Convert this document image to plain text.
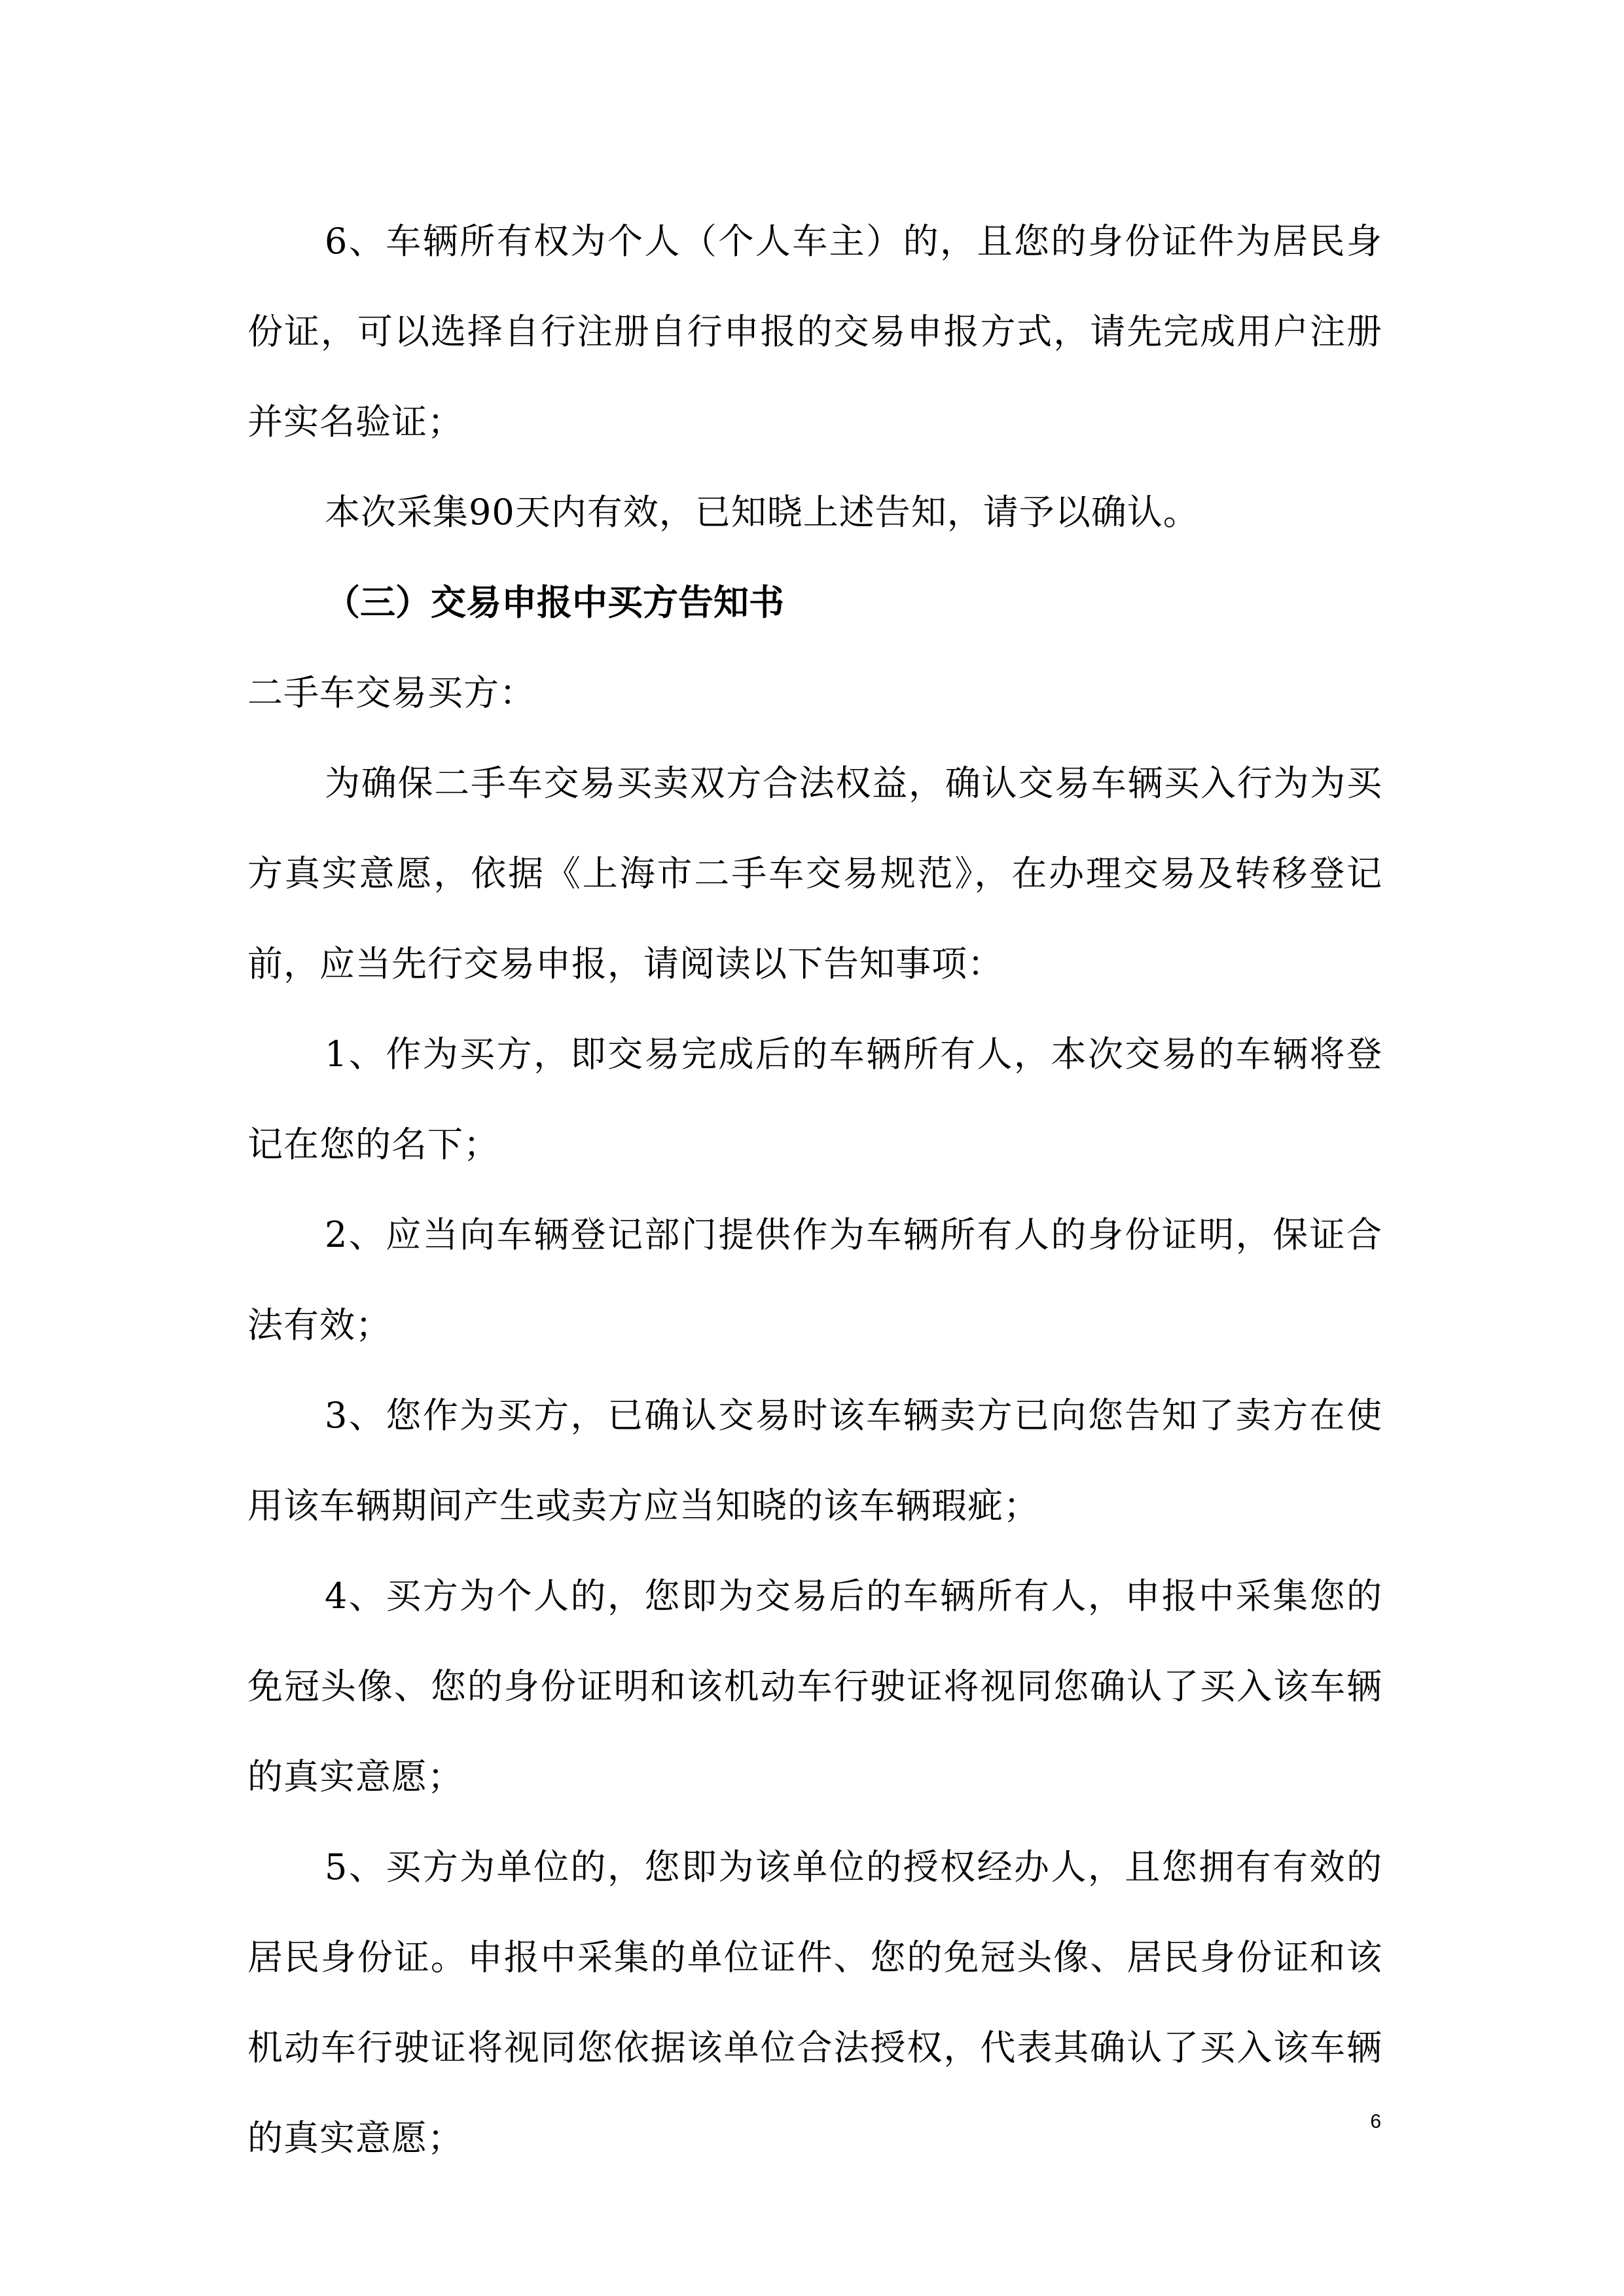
6、车辆所有权为个人（个人车主）的，且您的身份证件为居民身份证，可以选择自行注册自行申报的交易申报方式，请先完成用户注册并实名验证；

本次采集90天内有效，已知晓上述告知，请予以确认。

（三）交易申报中买方告知书

二手车交易买方：

为确保二手车交易买卖双方合法权益，确认交易车辆买入行为为买方真实意愿，依据《上海市二手车交易规范》，在办理交易及转移登记前，应当先行交易申报，请阅读以下告知事项：

1、作为买方，即交易完成后的车辆所有人，本次交易的车辆将登记在您的名下；

2、应当向车辆登记部门提供作为车辆所有人的身份证明，保证合法有效；

3、您作为买方，已确认交易时该车辆卖方已向您告知了卖方在使用该车辆期间产生或卖方应当知晓的该车辆瑕疵；

4、买方为个人的，您即为交易后的车辆所有人，申报中采集您的免冠头像、您的身份证明和该机动车行驶证将视同您确认了买入该车辆的真实意愿；

5、买方为单位的，您即为该单位的授权经办人，且您拥有有效的居民身份证。申报中采集的单位证件、您的免冠头像、居民身份证和该机动车行驶证将视同您依据该单位合法授权，代表其确认了买入该车辆的真实意愿；	6
